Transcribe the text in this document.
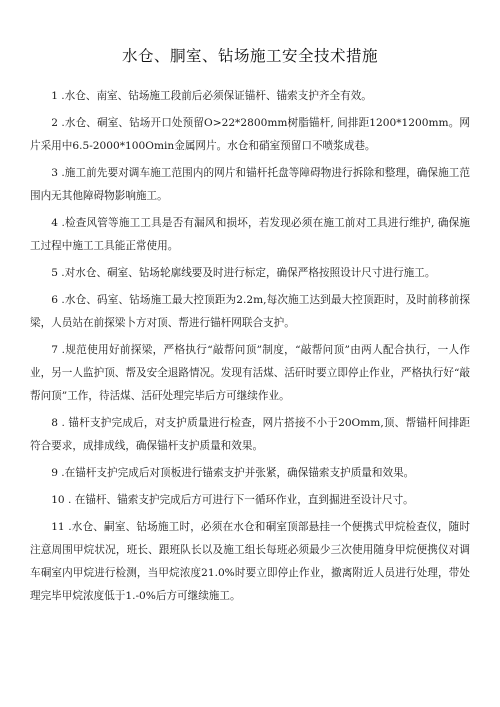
水仓、胴室、钻场施工安全技术措施

1 .水仓、南室、钻场施工段前后必须保证锚杆、锚索支护齐全有效。

2 .水仓、硐室、钻场开口处预留O>22*2800mm树脂锚杆, 间排距1200*1200mm。网片采用中6.5-2000*100Omin金属网片。水仓和硝室预留口不喷浆成巷。

3 .施工前先要对调车施工范围内的网片和锚杆托盘等障碍物进行拆除和整理，确保施工范围内无其他障碍物影响施工。

4 .检查风管等施工工具是否有漏风和损坏，若发现必须在施工前对工具进行维护, 确保施工过程中施工工具能正常使用。

5 .对水仓、硐室、钻场轮廓线要及时进行标定，确保严格按照设计尺寸进行施工。

6 .水仓、码室、钻场施工最大控顶距为2.2m,每次施工达到最大控顶距时，及时前移前探梁，人员站在前探梁卜方对顶、帮进行锚杆网联合支护。

7 .规范使用好前探梁，严格执行“敲帮问顶”制度，“敲帮问顶”由两人配合执行，一人作业，另一人监护顶、帮及安全退路情况。发现有活煤、活矸时要立即停止作业，严格执行好“敲帮问顶”工作，待活煤、活矸处理完毕后方可继续作业。

8 . 锚杆支护完成后，对支护质量进行检查，网片搭接不小于20Omm,顶、帮锚杆间排距符合要求，成排成线，确保锚杆支护质量和效果。

9 .在锚杆支护完成后对顶板进行锚索支护并张紧，确保锚索支护质量和效果。

10 . 在锚杆、锚索支护完成后方可进行下一循环作业，直到掘进至设计尺寸。

11 .水仓、嗣室、钻场施工时，必须在水仓和硐室顶部悬挂一个便携式甲烷检查仪，随时注意周围甲烷状况，班长、跟班队长以及施工组长每班必须最少三次使用随身甲烷便携仪对调车硐室内甲烷进行检测，当甲烷浓度21.0%时要立即停止作业，撤离附近人员进行处理，带处理完毕甲烷浓度低于1.-0%后方可继续施工。
